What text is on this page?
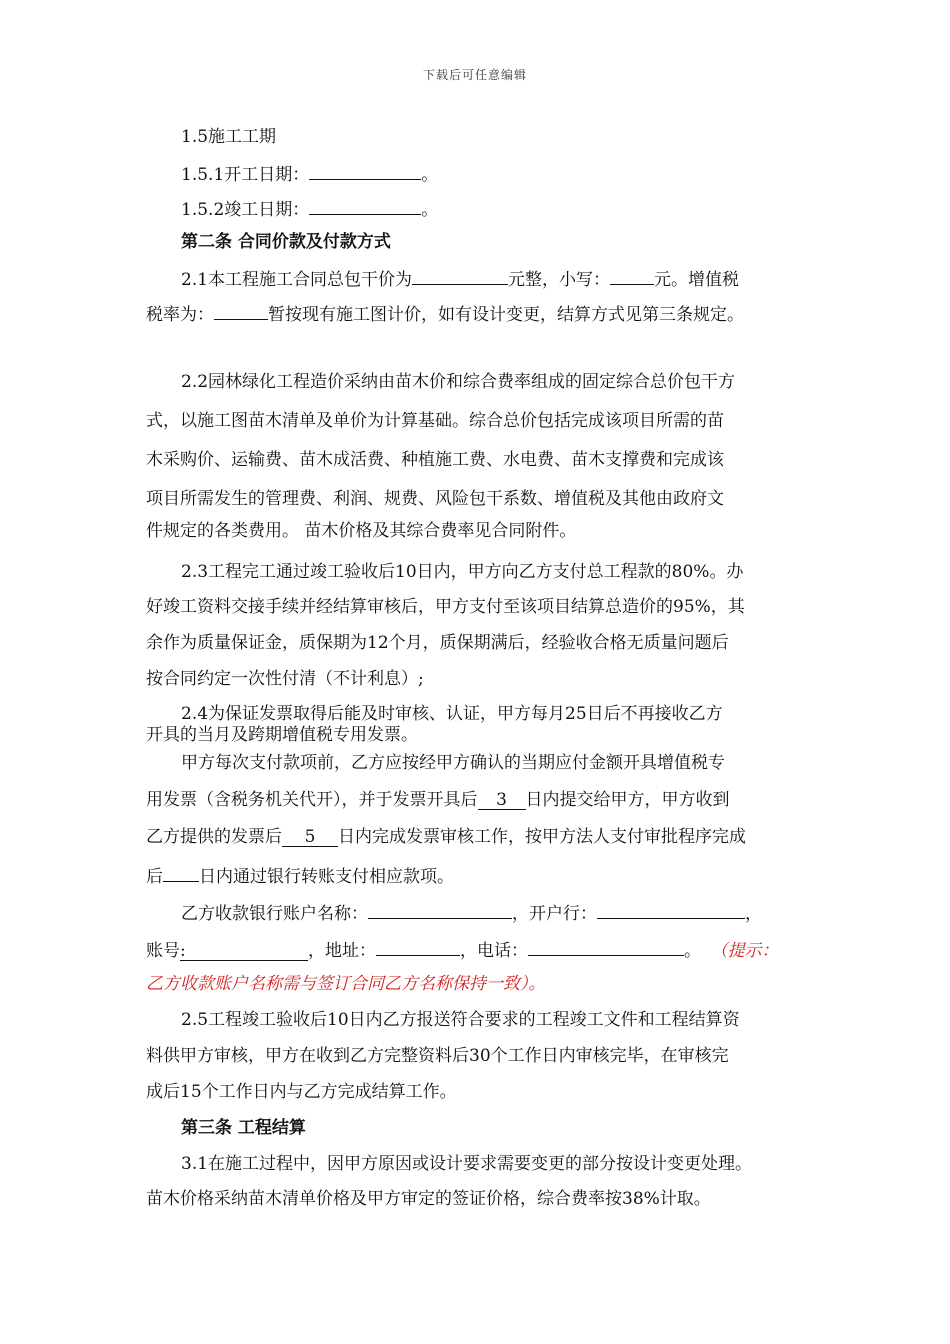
下载后可任意编辑
1.5施工工期
1.5.1开工日期：	。
1.5.2竣工日期：	。
第二条 合同价款及付款方式
2.1本工程施工合同总包干价为	元整，小写：	元。增值税
税率为：	暂按现有施工图计价，如有设计变更，结算方式见第三条规定。
2.2园林绿化工程造价采纳由苗木价和综合费率组成的固定综合总价包干方
式，以施工图苗木清单及单价为计算基础。综合总价包括完成该项目所需的苗
木采购价、运输费、苗木成活费、种植施工费、水电费、苗木支撑费和完成该
项目所需发生的管理费、利润、规费、风险包干系数、增值税及其他由政府文
件规定的各类费用。 苗木价格及其综合费率见合同附件。
2.3工程完工通过竣工验收后10日内，甲方向乙方支付总工程款的80%。办
好竣工资料交接手续并经结算审核后，甲方支付至该项目结算总造价的95%，其
余作为质量保证金，质保期为12个月，质保期满后，经验收合格无质量问题后
按合同约定一次性付清（不计利息）;
2.4为保证发票取得后能及时审核、认证，甲方每月25日后不再接收乙方
开具的当月及跨期增值税专用发票。
甲方每次支付款项前，乙方应按经甲方确认的当期应付金额开具增值税专
用发票（含税务机关代开），并于发票开具后 3 日内提交给甲方，甲方收到
乙方提供的发票后 5 日内完成发票审核工作，按甲方法人支付审批程序完成
后 日内通过银行转账支付相应款项。
乙方收款银行账户名称：	，开户行：	，
账号:	，地址：	，电话：	。 （提示：
乙方收款账户名称需与签订合同乙方名称保持一致）。
2.5工程竣工验收后10日内乙方报送符合要求的工程竣工文件和工程结算资
料供甲方审核，甲方在收到乙方完整资料后30个工作日内审核完毕，在审核完
成后15个工作日内与乙方完成结算工作。
第三条 工程结算
3.1在施工过程中，因甲方原因或设计要求需要变更的部分按设计变更处理。
苗木价格采纳苗木清单价格及甲方审定的签证价格，综合费率按38%计取。
